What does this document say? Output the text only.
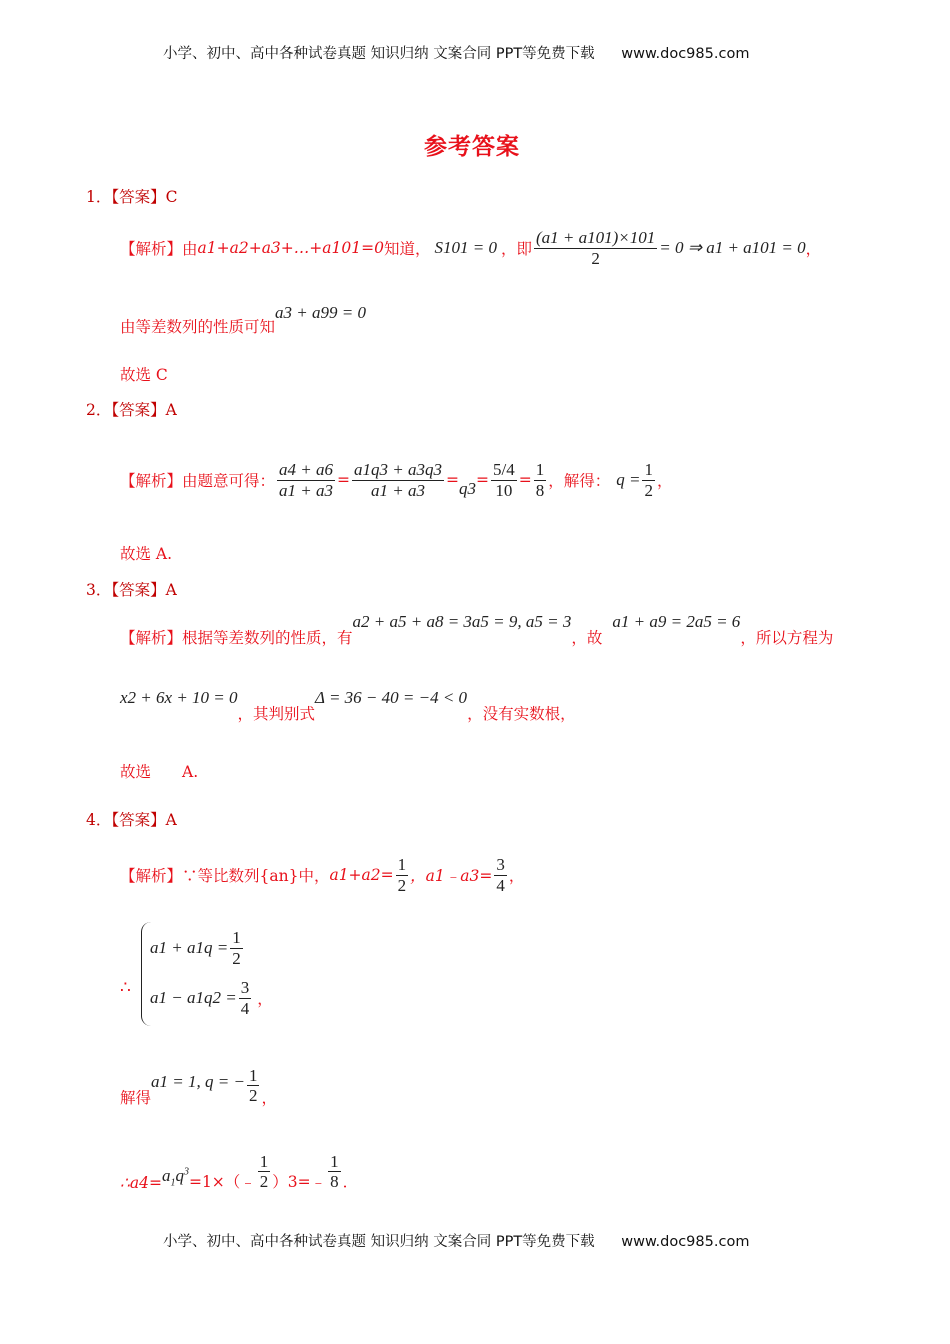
小学、初中、高中各种试卷真题 知识归纳 文案合同 PPT等免费下载 www.doc985.com
参考答案
1．【答案】C
【解析】由 a1+a2+a3+…+a101=0 知道， S101 = 0 ，即 $\frac{(a1 + a101)\times 101}{2} = 0$ ⇒ a1 + a101 = 0 ，
由等差数列的性质可知
a3 + a99 = 0
故选 C
2．【答案】A
【解析】由题意可得： $\frac{a4 + a6}{a1 + a3} = \frac{a1q3 + a3q3}{a1 + a3} = q3 = \frac{5/4}{10} = \frac{1}{8}$ ，解得： $q = \frac{1}{2}$ ，
故选 A.
3．【答案】A
【解析】根据等差数列的性质，有
a2 + a5 + a8 = 3a5 = 9, a5 = 3
，故
a1 + a9 = 2a5 = 6
，所以方程为
x2 + 6x + 10 = 0
，其判别式
Δ = 36 − 40 = −4 < 0
，没有实数根，
故选　　A.
4．【答案】A
【解析】∵等比数列{an}中， $a1+a2= \frac{1}{2}$ ，a1﹣a3= $\frac{3}{4}$ ，
∴
$a1 + a1q = \frac{1}{2}$
$a1 - a1q2 = \frac{3}{4}$ ，
解得
a1 = 1, q = − $\frac{1}{2}$ ，
∴a4= $a_1q^3$
=1×（﹣ $\frac{1}{2}$ ）3=﹣ $\frac{1}{8}$ ．
小学、初中、高中各种试卷真题 知识归纳 文案合同 PPT等免费下载 www.doc985.com
